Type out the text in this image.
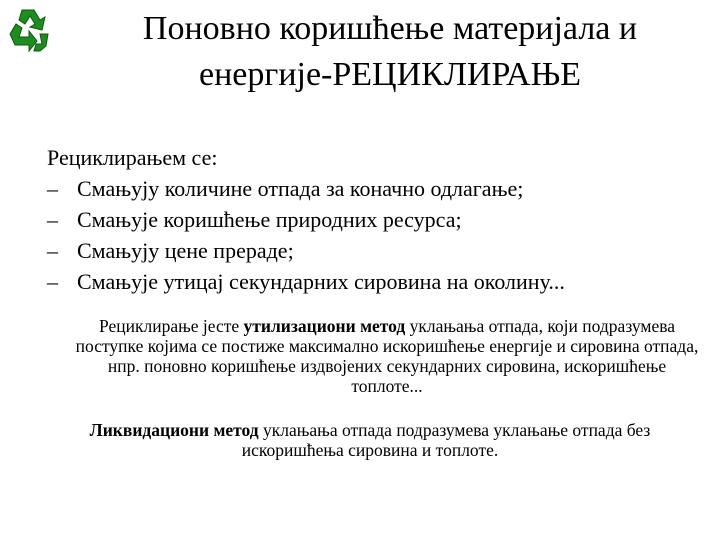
Поновно коришћење материјала и
енергије-РЕЦИКЛИРАЊЕ
Рециклирањем се:
– Смањују количине отпада за коначно одлагање;
– Смањује коришћење природних ресурса;
– Смањују цене прераде;
– Смањује утицај секундарних сировина на околину...
Рециклирање јесте утилизациони метод уклањања отпада, који подразумева поступке којима се постиже максимално искоришћење енергије и сировина отпада, нпр. поновно коришћење издвојених секундарних сировина, искоришћење топлоте...
Ликвидациони метод уклањања отпада подразумева уклањање отпада без искоришћења сировина и топлоте.
